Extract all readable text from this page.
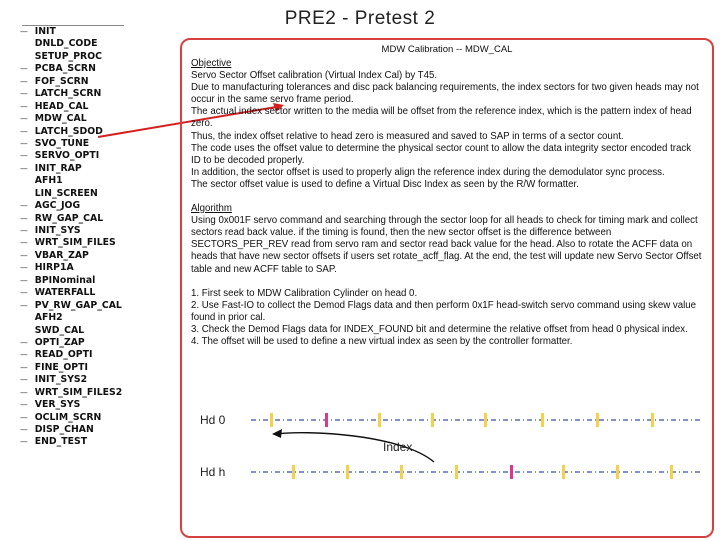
PRE2 - Pretest 2
— INIT
DNLD_CODE
SETUP_PROC
— PCBA_SCRN
— FOF_SCRN
— LATCH_SCRN
— HEAD_CAL
— MDW_CAL
— LATCH_SDOD
— SVO_TUNE
— SERVO_OPTI
— INIT_RAP
AFH1
LIN_SCREEN
— AGC_JOG
— RW_GAP_CAL
— INIT_SYS
— WRT_SIM_FILES
— VBAR_ZAP
— HIRP1A
— BPINominal
— WATERFALL
— PV_RW_GAP_CAL
AFH2
SWD_CAL
— OPTI_ZAP
— READ_OPTI
— FINE_OPTI
— INIT_SYS2
— WRT_SIM_FILES2
— VER_SYS
— OCLIM_SCRN
— DISP_CHAN
— END_TEST
MDW Calibration -- MDW_CAL

Objective

Servo Sector Offset calibration (Virtual Index Cal) by T45.

Due to manufacturing tolerances and disc pack balancing requirements, the index sectors for two given heads may not occur in the same servo frame period.

The actual index sector written to the media will be offset from the reference index, which is the pattern index of head zero.

Thus, the index offset relative to head zero is measured and saved to SAP in terms of a sector count.

The code uses the offset value to determine the physical sector count to allow the data integrity sector encoded track ID to be decoded properly.

In addition, the sector offset is used to properly align the reference index during the demodulator sync process.

The sector offset value is used to define a Virtual Disc Index as seen by the R/W formatter.

Algorithm

Using 0x001F servo command and searching through the sector loop for all heads to check for timing mark and collect sectors read back value. if the timing is found, then the new sector offset is the difference between SECTORS_PER_REV read from servo ram and sector read back value for the head. Also to rotate the ACFF data on heads that have new sector offsets if users set rotate_acff_flag. At the end, the test will update new Servo Sector Offset table and new ACFF table to SAP.

1. First seek to MDW Calibration Cylinder on head 0.

2. Use Fast-IO to collect the Demod Flags data and then perform 0x1F head-switch servo command using skew value found in prior cal.

3. Check the Demod Flags data for INDEX_FOUND bit and determine the relative offset from head 0 physical index.

4. The offset will be used to define a new virtual index as seen by the controller formatter.

Hd 0
Hd h
Index
